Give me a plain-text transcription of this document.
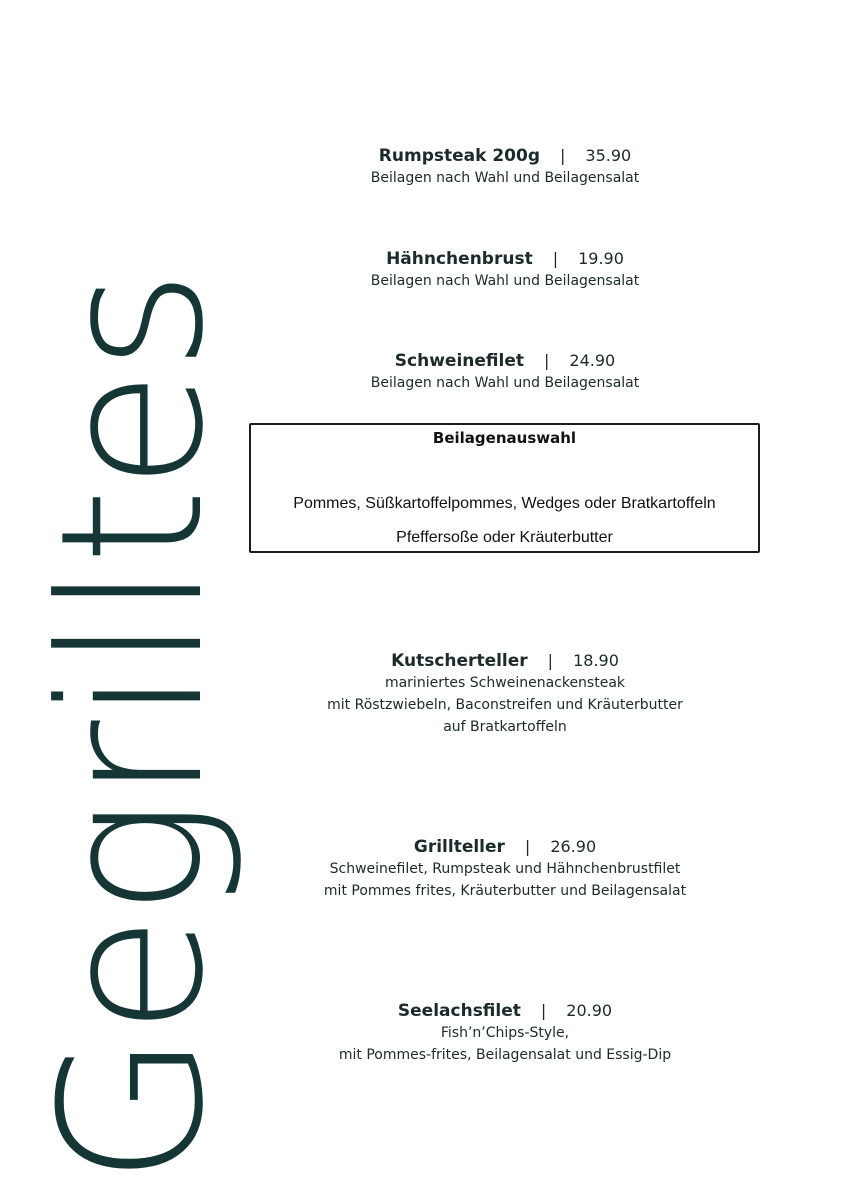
Gegrilltes
Rumpsteak 200g | 35.90
Beilagen nach Wahl und Beilagensalat
Hähnchenbrust | 19.90
Beilagen nach Wahl und Beilagensalat
Schweinefilet | 24.90
Beilagen nach Wahl und Beilagensalat
Beilagenauswahl
Pommes, Süßkartoffelpommes, Wedges oder Bratkartoffeln
Pfeffersoße oder Kräuterbutter
Kutscherteller | 18.90
mariniertes Schweinenackensteak
mit Röstzwiebeln, Baconstreifen und Kräuterbutter
auf Bratkartoffeln
Grillteller | 26.90
Schweinefilet, Rumpsteak und Hähnchenbrustfilet
mit Pommes frites, Kräuterbutter und Beilagensalat
Seelachsfilet | 20.90
Fish’n’Chips-Style,
mit Pommes-frites, Beilagensalat und Essig-Dip
